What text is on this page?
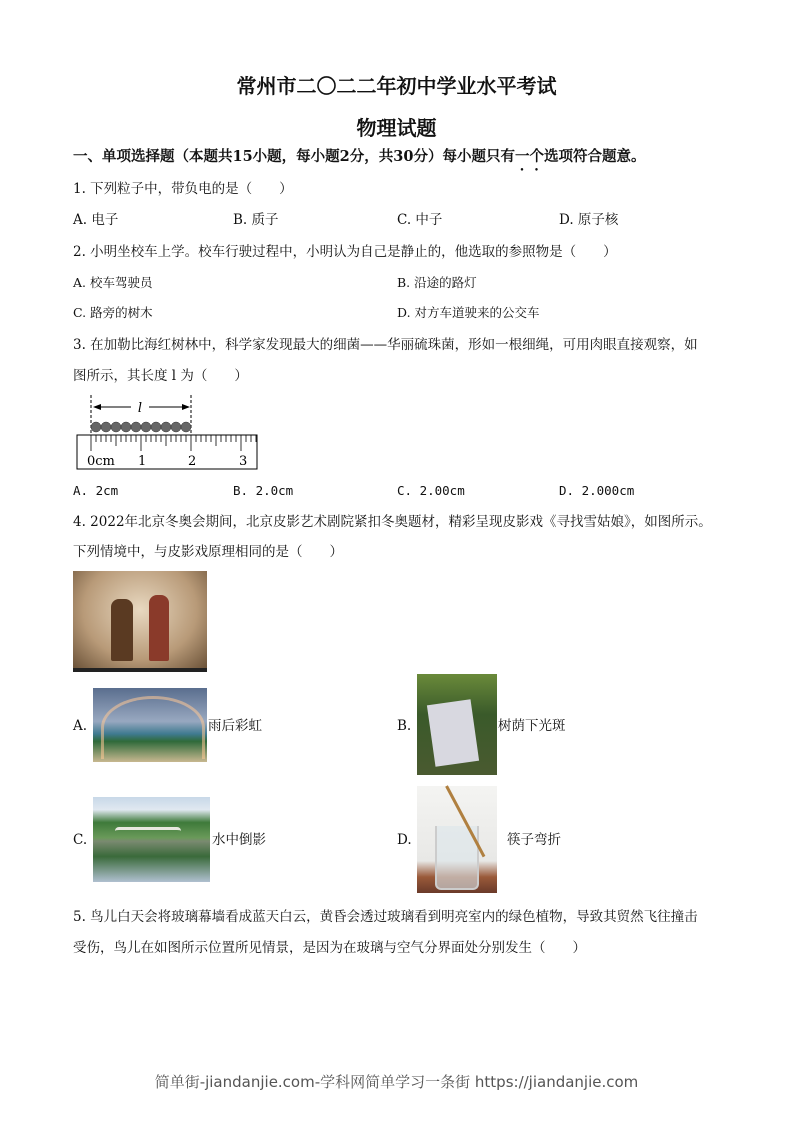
常州市二〇二二年初中学业水平考试
物理试题
一、单项选择题（本题共15小题，每小题2分，共30分）每小题只有一个选项符合题意。
1. 下列粒子中，带负电的是（　　）
A. 电子	B. 质子	C. 中子	D. 原子核
2. 小明坐校车上学。校车行驶过程中，小明认为自己是静止的，他选取的参照物是（　　）
A. 校车驾驶员	B. 沿途的路灯
C. 路旁的树木	D. 对方车道驶来的公交车
3. 在加勒比海红树林中，科学家发现最大的细菌——华丽硫珠菌，形如一根细绳，可用肉眼直接观察，如
图所示，其长度 l 为（　　）
l
0cm 1	2	3
A. 2cm	B. 2.0cm	C. 2.00cm	D. 2.000cm
4. 2022年北京冬奥会期间，北京皮影艺术剧院紧扣冬奥题材，精彩呈现皮影戏《寻找雪姑娘》，如图所示。
下列情境中，与皮影戏原理相同的是（　　）
A.	雨后彩虹	B.	树荫下光斑
C.	水中倒影	D.	筷子弯折
5. 鸟儿白天会将玻璃幕墙看成蓝天白云，黄昏会透过玻璃看到明亮室内的绿色植物，导致其贸然飞往撞击
受伤，鸟儿在如图所示位置所见情景，是因为在玻璃与空气分界面处分别发生（　　）
简单街-jiandanjie.com-学科网简单学习一条街 https://jiandanjie.com
